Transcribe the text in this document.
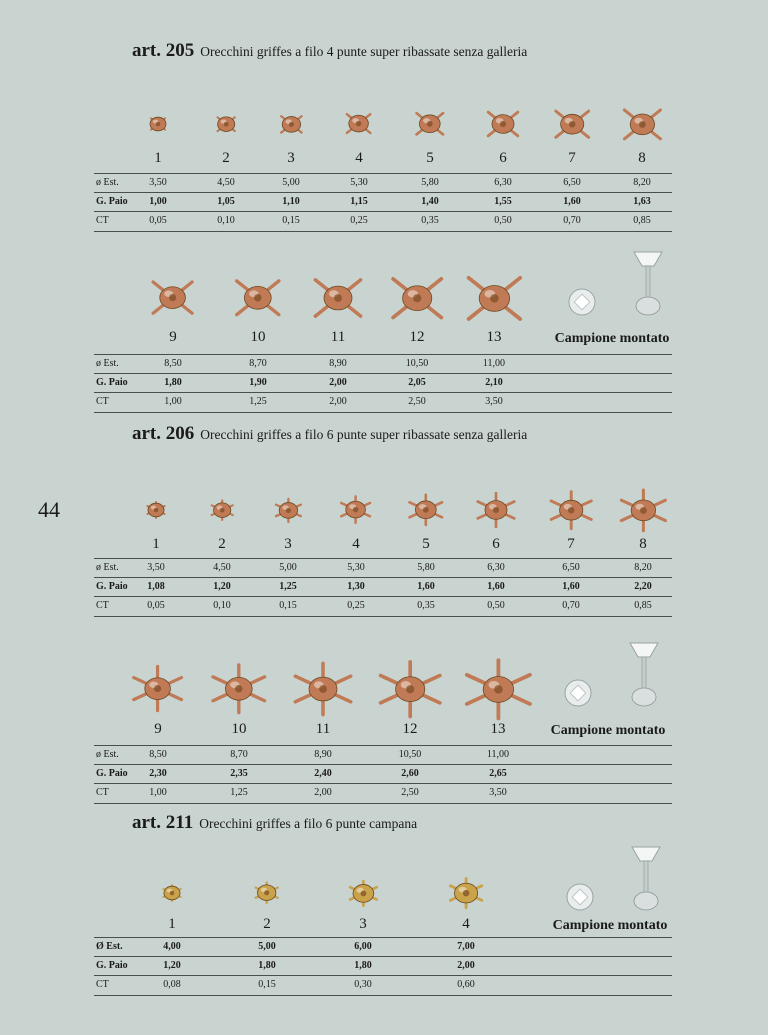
44
art. 205 Orecchini griffes a filo 4 punte super ribassate senza galleria
art. 206 Orecchini griffes a filo 6 punte super ribassate senza galleria
art. 211 Orecchini griffes a filo 6 punte campana
1	2	3	4	5	6	7	8
9	10	11	12	13
1	2	3	4	5	6	7	8
9	10	11	12	13
1	2	3	4
ø Est.	3,50	4,50	5,00	5,30	5,80	6,30	6,50	8,20
G. Paio 1,00	1,05	1,10	1,15	1,40	1,55	1,60	1,63
CT	0,05	0,10	0,15	0,25	0,35	0,50	0,70	0,85
ø Est.	8,50	8,70	8,90	10,50	11,00
G. Paio	1,80	1,90	2,00	2,05	2,10
CT	1,00	1,25	2,00	2,50	3,50
ø Est.	3,50	4,50	5,00	5,30	5,80	6,30	6,50	8,20
G. Paio 1,08	1,20	1,25	1,30	1,60	1,60	1,60	2,20
CT	0,05	0,10	0,15	0,25	0,35	0,50	0,70	0,85
ø Est.	8,50	8,70	8,90	10,50	11,00
G. Paio 2,30	2,35	2,40	2,60	2,65
CT	1,00	1,25	2,00	2,50	3,50
Ø Est.	4,00	5,00	6,00	7,00
G. Paio	1,20	1,80	1,80	2,00
CT	0,08	0,15	0,30	0,60
Campione montato
Campione montato
Campione montato
